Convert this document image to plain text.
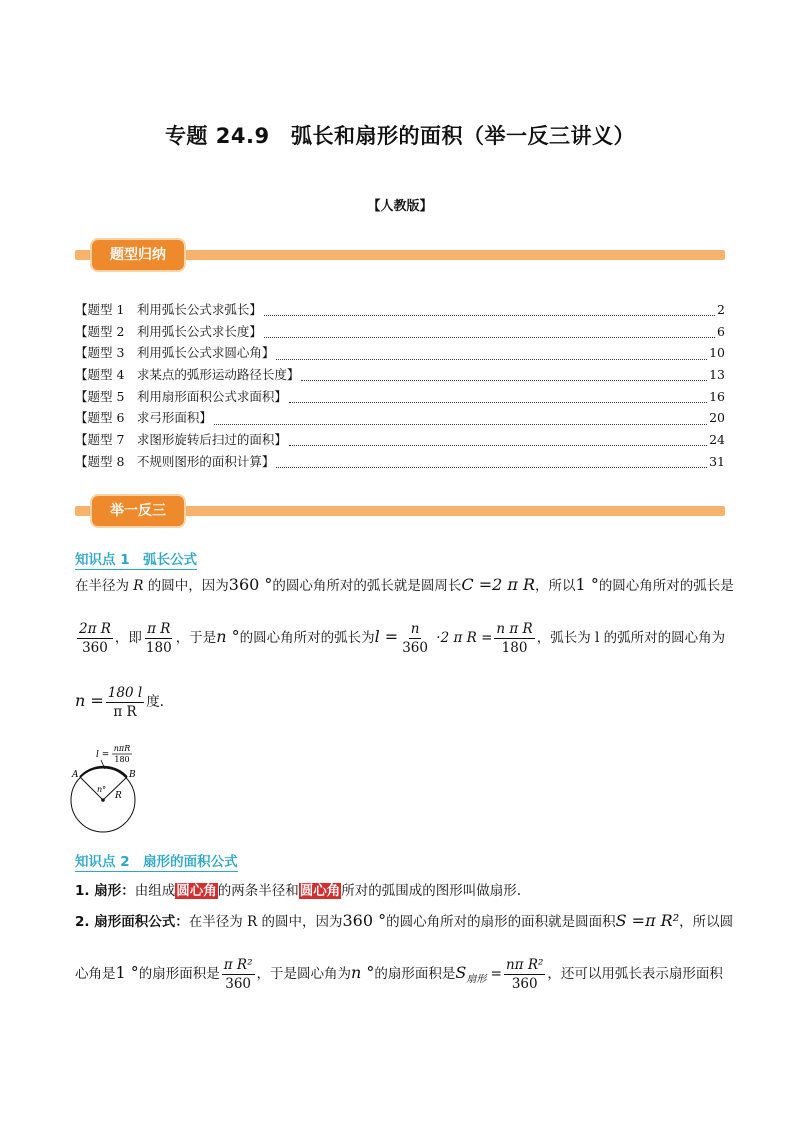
专题 24.9　弧长和扇形的面积（举一反三讲义）
【人教版】
题型归纳
【题型 1　利用弧长公式求弧长】	2
【题型 2　利用弧长公式求长度】	6
【题型 3　利用弧长公式求圆心角】	10
【题型 4　求某点的弧形运动路径长度】	13
【题型 5　利用扇形面积公式求面积】	16
【题型 6　求弓形面积】	20
【题型 7　求图形旋转后扫过的面积】	24
【题型 8　不规则图形的面积计算】	31
举一反三
知识点 1　弧长公式
在半径为 R 的圆中，因为360 °的圆心角所对的弧长就是圆周长C =2 π R，所以1 °的圆心角所对的弧长是
$\frac{\text{2π R}}{360}$ ，即 $\frac{\text{π R}}{180}$ ，于是n °的圆心角所对的弧长为$l = \frac{n}{360} \cdot 2$ π $R = \frac{\text{n π R}}{180}$ ，弧长为 l 的弧所对的圆心角为
$n = \frac{180 l}{\text{π R}}$ 度.
l =
nπR
180
A	B
n°
R
知识点 2　扇形的面积公式
1. 扇形：由组成圆心角的两条半径和圆心角所对的弧围成的图形叫做扇形.
2. 扇形面积公式：在半径为 R 的圆中，因为360 °的圆心角所对的扇形的面积就是圆面积S =π R²，所以圆
心角是1 °的扇形面积是 $\frac{\text{π R²}}{360}$ ，于是圆心角为n °的扇形面积是$S_{扇形} = \frac{\text{nπ R²}}{360}$ ，还可以用弧长表示扇形面积
